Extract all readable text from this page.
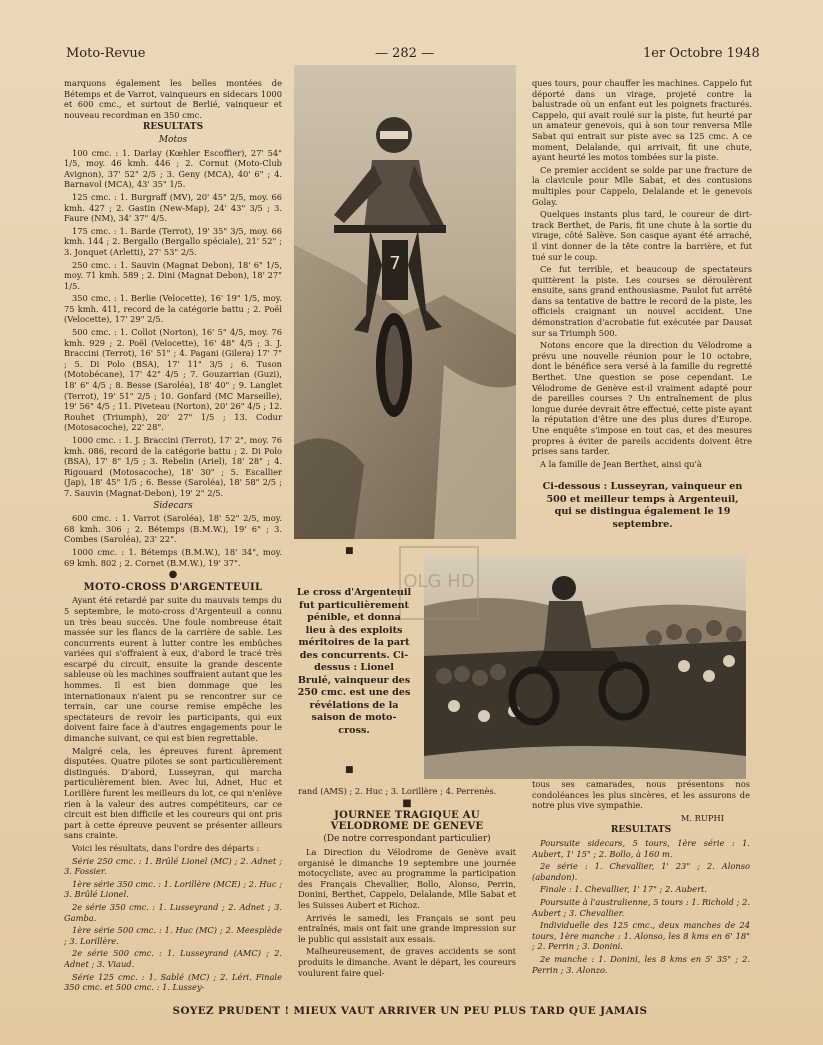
Moto-Revue	— 282 —	1er Octobre 1948

marquons également les belles montées de Bétemps et de Varrot, vainqueurs en sidecars 1000 et 600 cmc., et surtout de Berlié, vainqueur et nouveau recordman en 350 cmc.

RESULTATS
Motos

100 cmc. : 1. Darlay (Kœhler Escoffier), 27' 54" 1/5, moy. 46 kmh. 446 ; 2. Cornut (Moto-Club Avignon), 37' 52" 2/5 ; 3. Geny (MCA), 40' 6" ; 4. Barnavol (MCA), 43' 35" 1/5.

125 cmc. : 1. Burgraff (MV), 20' 45" 2/5, moy. 66 kmh. 427 ; 2. Gastin (New-Map), 24' 43" 3/5 ; 3. Faure (NM), 34' 37" 4/5.

175 cmc. : 1. Barde (Terrot), 19' 35" 3/5, moy. 66 kmh. 144 ; 2. Bergallo (Bergallo spéciale), 21' 52" ; 3. Jonquet (Arletti), 27' 53" 2/5.

250 cmc. : 1. Sauvin (Magnat Debon), 18' 6" 1/5, moy. 71 kmh. 589 ; 2. Dini (Magnat Debon), 18' 27" 1/5.

350 cmc. : 1. Berlie (Velocette), 16' 19" 1/5, moy. 75 kmh. 411, record de la catégorie battu ; 2. Poël (Velocette), 17' 29" 2/5.

500 cmc. : 1. Collot (Norton), 16' 5" 4/5, moy. 76 kmh. 929 ; 2. Poël (Velocette), 16' 48" 4/5 ; 3. J. Braccini (Terrot), 16' 51" ; 4. Pagani (Gilera) 17' 7" ; 5. Di Polo (BSA), 17' 11" 3/5 ; 6. Tuson (Motobécane), 17' 42" 4/5 ; 7. Gouzarrian (Guzi), 18' 6" 4/5 ; 8. Besse (Saroléa), 18' 40" ; 9. Langlet (Terrot), 19' 51" 2/5 ; 10. Gonfard (MC Marseille), 19' 56" 4/5 ; 11. Piveteau (Norton), 20' 26" 4/5 ; 12. Rouhet (Triumph), 20' 27" 1/5 ; 13. Codur (Motosacoche), 22' 28".

1000 cmc. : 1. J. Braccini (Terrot), 17' 2", moy. 76 kmh. 086, record de la catégorie battu ; 2. Di Polo (BSA), 17' 8" 1/5 ; 3. Rebelin (Ariel), 18' 28" ; 4. Rigouard (Motosacoche), 18' 30" ; 5. Escallier (Jap), 18' 45" 1/5 ; 6. Besse (Saroléa), 18' 58" 2/5 ; 7. Sauvin (Magnat-Debon), 19' 2" 2/5.

Sidecars

600 cmc. : 1. Varrot (Saroléa), 18' 52" 2/5, moy. 68 kmh. 306 ; 2. Bétemps (B.M.W.), 19' 6" ; 3. Combes (Saroléa), 23' 22".

1000 cmc. : 1. Bétemps (B.M.W.), 18' 34", moy. 69 kmh. 802 ; 2. Cornet (B.M.W.), 19' 37".

●
MOTO-CROSS D'ARGENTEUIL

Ayant été retardé par suite du mauvais temps du 5 septembre, le moto-cross d'Argenteuil a connu un très beau succès. Une foule nombreuse était massée sur les flancs de la carrière de sable. Les concurrents eurent à lutter contre les embûches variées qui s'offraient à eux, d'abord le tracé très escarpé du circuit, ensuite la grande descente sableuse où les machines souffraient autant que les hommes. Il est bien dommage que les internationaux n'aient pu se rencontrer sur ce terrain, car une course remise empêche les spectateurs de revoir les participants, qui eux doivent faire face à d'autres engagements pour le dimanche suivant, ce qui est bien regrettable.

Malgré cela, les épreuves furent âprement disputées. Quatre pilotes se sont particulièrement distingués. D'abord, Lusseyran, qui marcha particulièrement bien. Avec lui, Adnet, Huc et Lorillère furent les meilleurs du lot, ce qui n'enlève rien à la valeur des autres compétiteurs, car ce circuit est bien difficile et les coureurs qui ont pris part à cette épreuve peuvent se présenter ailleurs sans crainte.

Voici les résultats, dans l'ordre des départs :

Série 250 cmc. : 1. Brûlé Lionel (MC) ; 2. Adnet ; 3. Fossier.

1ère série 350 cmc. : 1. Lorillère (MCE) ; 2. Huc ; 3. Brûlé Lionel.

2e série 350 cmc. : 1. Lusseyrand ; 2. Adnet ; 3. Gamba.

1ère série 500 cmc. : 1. Huc (MC) ; 2. Meesplède ; 3. Lorillère.

2e série 500 cmc. : 1. Lusseyrand (AMC) ; 2. Adnet ; 3. Viaud.

Série 125 cmc. : 1. Sablé (MC) ; 2. Léri. Finale 350 cmc. et 500 cmc. : 1. Lussey-

7

ques tours, pour chauffer les machines. Cappelo fut déporté dans un virage, projeté contre la balustrade où un enfant eut les poignets fracturés. Cappelo, qui avait roulé sur la piste, fut heurté par un amateur genevois, qui à son tour renversa Mlle Sabat qui entrait sur piste avec sa 125 cmc. A ce moment, Delalande, qui arrivait, fit une chute, ayant heurté les motos tombées sur la piste.

Ce premier accident se solde par une fracture de la clavicule pour Mlle Sabat, et des contusions multiples pour Cappelo, Delalande et le genevois Golay.

Quelques instants plus tard, le coureur de dirt-track Berthet, de Paris, fit une chute à la sortie du virage, côté Salève. Son casque ayant été arraché, il vint donner de la tête contre la barrière, et fut tué sur le coup.

Ce fut terrible, et beaucoup de spectateurs quittèrent la piste. Les courses se déroulèrent ensuite, sans grand enthousiasme. Paulot fut arrêté dans sa tentative de battre le record de la piste, les officiels craignant un nouvel accident. Une démonstration d'acrobatie fut exécutée par Dausat sur sa Triumph 500.

Notons encore que la direction du Vélodrome a prévu une nouvelle réunion pour le 10 octobre, dont le bénéfice sera versé à la famille du regretté Berthet. Une question se pose cependant. Le Vélodrome de Genève est-il vraiment adapté pour de pareilles courses ? Un entraînement de plus longue durée devrait être effectué, cette piste ayant la réputation d'être une des plus dures d'Europe. Une enquête s'impose en tout cas, et des mesures propres à éviter de pareils accidents doivent être prises sans tarder.

A la famille de Jean Berthet, ainsi qu'à

Ci-dessous : Lusseyran, vainqueur en 500 et meilleur temps à Argenteuil, qui se distingua également le 19 septembre.
■
OLG HD
Le cross d'Argenteuil fut particulièrement pénible, et donna lieu à des exploits méritoires de la part des concurrents. Ci-dessus : Lionel Brulé, vainqueur des 250 cmc. est une des révélations de la saison de moto-cross.
■

rand (AMS) ; 2. Huc ; 3. Lorillère ; 4. Perrenès.

■
JOURNEE TRAGIQUE AU VELODROME DE GENEVE
(De notre correspondant particulier)

La Direction du Vélodrome de Genève avait organisé le dimanche 19 septembre une journée motocycliste, avec au programme la participation des Français Chevallier, Bollo, Alonso, Perrin, Donini, Berthet, Cappelo, Delalande, Mlle Sabat et les Suisses Aubert et Richoz.

Arrivés le samedi, les Français se sont peu entraînés, mais ont fait une grande impression sur le public qui assistait aux essais.

Malheureusement, de graves accidents se sont produits le dimanche. Avant le départ, les coureurs voulurent faire quel-

tous ses camarades, nous présentons nos condoléances les plus sincères, et les assurons de notre plus vive sympathie.

M. RUPHI
RESULTATS

Poursuite sidecars, 5 tours, 1ère série : 1. Aubert, 1' 15" ; 2. Bollo, à 160 m.

2e série : 1. Chevallier, 1' 23" ; 2. Alonso (abandon).

Finale : 1. Chevallier, 1' 17" ; 2. Aubert.

Poursuite à l'australienne, 5 tours : 1. Richold ; 2. Aubert ; 3. Chevallier.

Individuelle des 125 cmc., deux manches de 24 tours, 1ère manche : 1. Alonso, les 8 kms en 6' 18" ; 2. Perrin ; 3. Donini.

2e manche : 1. Donini, les 8 kms en 5' 35" ; 2. Perrin ; 3. Alonzo.

SOYEZ PRUDENT ! MIEUX VAUT ARRIVER UN PEU PLUS TARD QUE JAMAIS
